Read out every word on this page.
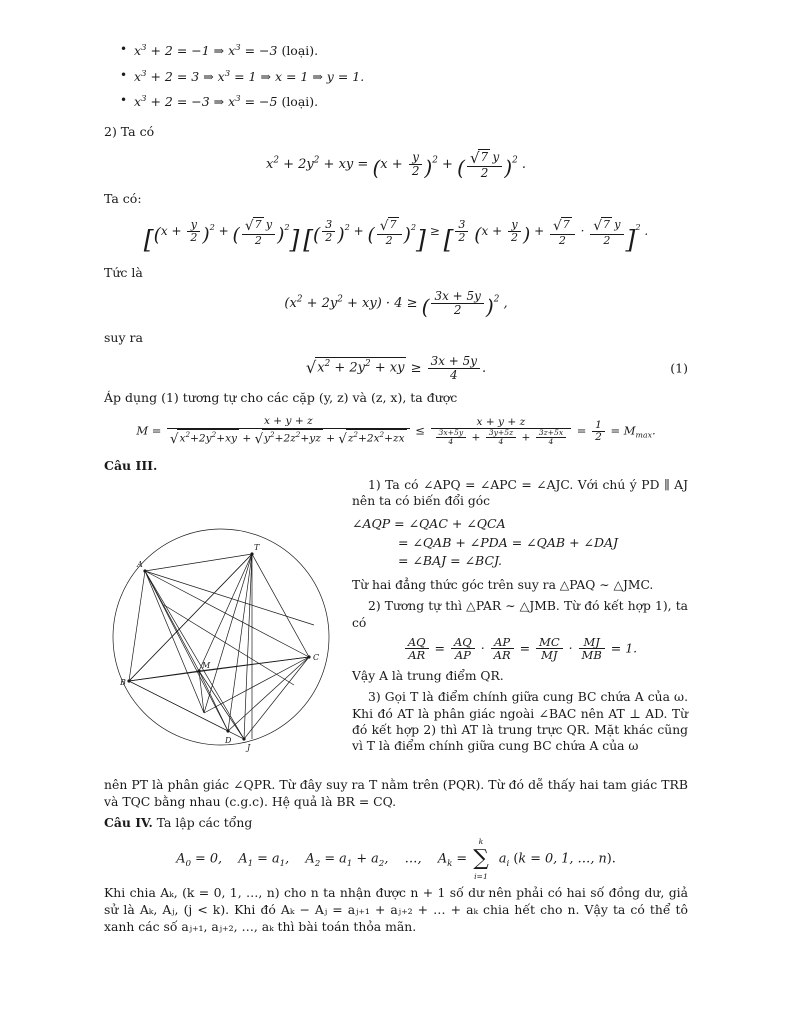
• $x^3 + 2 = -1$ ⇒ $x^3 = -3$ (loại).
• $x^3 + 2 = 3$ ⇒ $x^3 = 1$ ⇒ x = 1 ⇒ y = 1.
• $x^3 + 2 = -3$ ⇒ $x^3 = -5$ (loại).

2) Ta có

$x^2 + 2y^2$ + xy = $(x + \frac{y}{2} )^2$ + ( $\frac{√7 y}{2} )^2$ .

Ta có:

[$(x + \frac{y}{2} )^2$ + ( $\frac{√7 y}{2} )^2$] [( $\frac{3}{2} )^2$ + ( $\frac{√7}{2} )^2$] ≥ [ $\frac{3}{2} (x + \frac{y}{2}$ ) + $\frac{√7}{2} \cdot \frac{√7 y}{2} ]^2$ .

Tức là

$(x^2 + 2y^2 + xy) \cdot 4$ ≥ ( $\frac{3x + 5y}{2} )^2$ ,

suy ra

$√x^2 + 2y^2$ + xy ≥ $\frac{3x + 5y}{4}$ .	(1)

Áp dụng (1) tương tự cho các cặp (y, z) và (z, x), ta được

$M = \frac{x + y + z}{√x^2+2y^2+xy + √y^2+2z^2+yz + √z^2+2x^2+zx} \le \frac{x + y + z}{\frac{3x+5y}{4} + \frac{3y+5z}{4} + \frac{3z+5x}{4}} = \frac{1}{2} = M_{max}$.
Câu III.
A
T
M
C
D
J
B

1) Ta có ∠APQ = ∠APC = ∠AJC. Với chú ý PD ∥ AJ nên ta có biến đổi góc

∠AQP = ∠QAC + ∠QCA
= ∠QAB + ∠PDA = ∠QAB + ∠DAJ
= ∠BAJ = ∠BCJ.

Từ hai đẳng thức góc trên suy ra △PAQ ∼ △JMC.

2) Tương tự thì △PAR ∼ △JMB. Từ đó kết hợp 1), ta có

$\frac{AQ}{AR} = \frac{AQ}{AP} \cdot \frac{AP}{AR} = \frac{MC}{MJ} \cdot \frac{MJ}{MB} = 1$.

Vậy A là trung điểm QR.

3) Gọi T là điểm chính giữa cung BC chứa A của ω. Khi đó AT là phân giác ngoài ∠BAC nên AT ⊥ AD. Từ đó kết hợp 2) thì AT là trung trực QR. Mặt khác cũng vì T là điểm chính giữa cung BC chứa A của ω

nên PT là phân giác ∠QPR. Từ đây suy ra T nằm trên (PQR). Từ đó dễ thấy hai tam giác TRB và TQC bằng nhau (c.g.c). Hệ quả là BR = CQ.

Câu IV. Ta lập các tổng

$A_0 = 0$,    $A_1 = a_1$,    $A_2 = a_1 + a_2$,    …,    $A_k$ =
k
∑
i=1
$a_i$ (k = 0, 1, …, n).

Khi chia Aₖ, (k = 0, 1, …, n) cho n ta nhận được n + 1 số dư nên phải có hai số đồng dư, giả sử là Aₖ, Aⱼ, (j < k). Khi đó Aₖ − Aⱼ = aⱼ₊₁ + aⱼ₊₂ + … + aₖ chia hết cho n. Vậy ta có thể tô xanh các số aⱼ₊₁, aⱼ₊₂, …, aₖ thì bài toán thỏa mãn.
